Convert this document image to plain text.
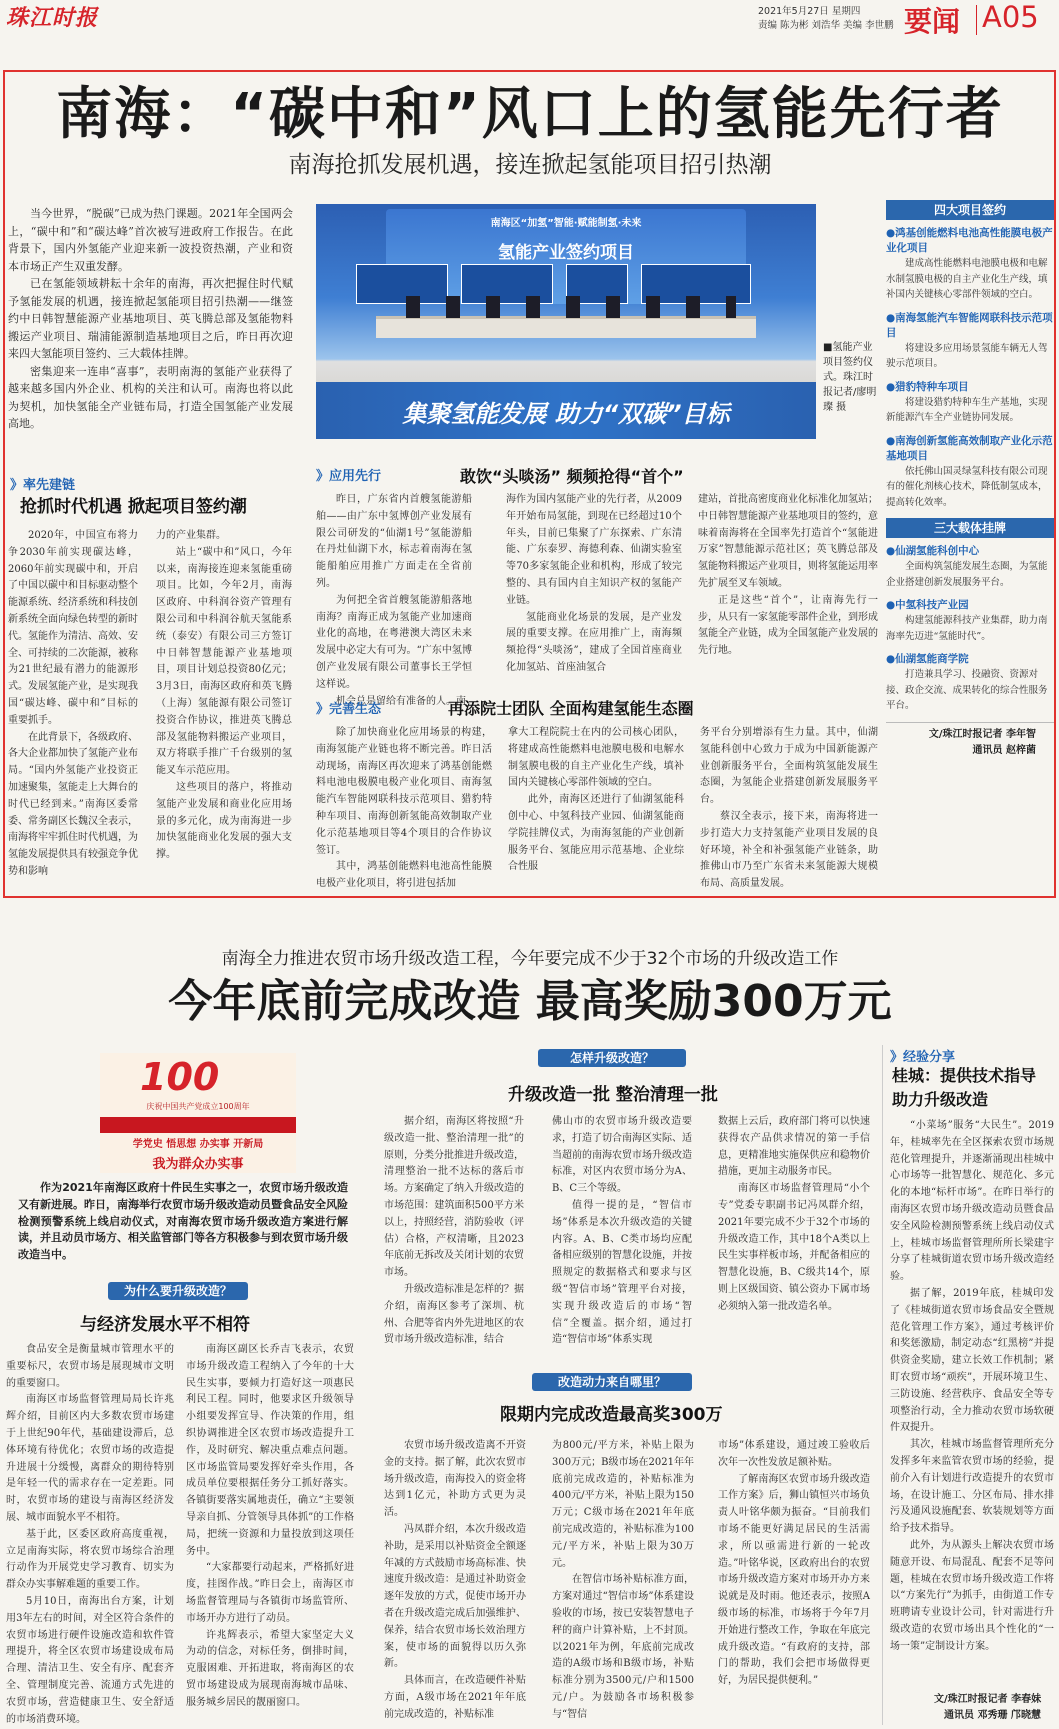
珠江时报	2021年5月27日 星期四
责编 陈为彬 刘浩华 美编 李世鹏 要闻 A05
南海：“碳中和”风口上的氢能先行者
南海抢抓发展机遇，接连掀起氢能项目招引热潮

当今世界，“脱碳”已成为热门课题。2021年全国两会上，“碳中和”和“碳达峰”首次被写进政府工作报告。在此背景下，国内外氢能产业迎来新一波投资热潮，产业和资本市场正产生双重发酵。

已在氢能领域耕耘十余年的南海，再次把握住时代赋予氢能发展的机遇，接连掀起氢能项目招引热潮——继签约中日韩智慧能源产业基地项目、英飞腾总部及氢能物料搬运产业项目、瑞浦能源制造基地项目之后，昨日再次迎来四大氢能项目签约、三大载体挂牌。

密集迎来一连串“喜事”，表明南海的氢能产业获得了越来越多国内外企业、机构的关注和认可。南海也将以此为契机，加快氢能全产业链布局，打造全国氢能产业发展高地。

南海区“加氢”智能·赋能制氢·未来
氢能产业签约项目
集聚氢能发展 助力“双碳”目标
■氢能产业项目签约仪式。珠江时报记者/廖明璨 摄
》率先建链
抢抓时代机遇 掀起项目签约潮

2020年，中国宣布将力争2030年前实现碳达峰，2060年前实现碳中和，开启了中国以碳中和目标驱动整个能源系统、经济系统和科技创新系统全面向绿色转型的新时代。氢能作为清洁、高效、安全、可持续的二次能源，被称为21世纪最有潜力的能源形式。发展氢能产业，是实现我国“碳达峰、碳中和”目标的重要抓手。

在此背景下，各级政府、各大企业都加快了氢能产业布局。“国内外氢能产业投资正加速聚集，氢能走上大舞台的时代已经到来。”南海区委常委、常务副区长魏汉全表示，南海将牢牢抓住时代机遇，为氢能发展提供具有较强竞争优势和影响

力的产业集群。

站上“碳中和”风口，今年以来，南海接连迎来氢能重磅项目。比如，今年2月，南海区政府、中科润谷资产管理有限公司和中科润谷航天氢能系统（泰安）有限公司三方签订中日韩智慧能源产业基地项目，项目计划总投资80亿元；3月3日，南海区政府和英飞腾（上海）氢能源有限公司签订投资合作协议，推进英飞腾总部及氢能物料搬运产业项目，双方将联手推广千台级别的氢能叉车示范应用。

这些项目的落户，将推动氢能产业发展和商业化应用场景的多元化，成为南海进一步加快氢能商业化发展的强大支撑。

》应用先行	敢饮“头啖汤” 频频抢得“首个”

昨日，广东省内首艘氢能游船舶——由广东中氢博创产业发展有限公司研发的“仙湖1号”氢能游船在丹灶仙湖下水，标志着南海在氢能船舶应用推广方面走在全省前列。

为何把全省首艘氢能游船落地南海？南海正成为氢能产业加速商业化的高地，在粤港澳大湾区未来发展中必定大有可为。“广东中氢博创产业发展有限公司董事长王学恒这样说。

机会总是留给有准备的人。南

海作为国内氢能产业的先行者，从2009年开始布局氢能，到现在已经超过10个年头，目前已集聚了广东探索、广东清能、广东泰罗、海德利森、仙湖实验室等70多家氢能企业和机构，形成了较完整的、具有国内自主知识产权的氢能产业链。

氢能商业化场景的发展，是产业发展的重要支撑。在应用推广上，南海频频抢得“头啖汤”，建成了全国首座商业化加氢站、首座油氢合

建站，首批高密度商业化标准化加氢站；中日韩智慧能源产业基地项目的签约，意味着南海将在全国率先打造首个“氢能进万家”智慧能源示范社区；英飞腾总部及氢能物料搬运产业项目，则将氢能运用率先扩展至叉车领域。

正是这些“首个”，让南海先行一步，从只有一家氢能零部件企业，到形成氢能全产业链，成为全国氢能产业发展的先行地。

》完善生态	再添院士团队 全面构建氢能生态圈

除了加快商业化应用场景的构建，南海氢能产业链也将不断完善。昨日活动现场，南海区再次迎来了鸿基创能燃料电池电极膜电极产业化项目、南海氢能汽车智能网联科技示范项目、猎豹特种车项目、南海创新氢能高效制取产业化示范基地项目等4个项目的合作协议签订。

其中，鸿基创能燃料电池高性能膜电极产业化项目，将引进包括加

拿大工程院院士在内的公司核心团队，将建成高性能燃料电池膜电极和电解水制氢膜电极的自主产业化生产线，填补国内关键核心零部件领域的空白。

此外，南海区还进行了仙湖氢能科创中心、中氢科技产业园、仙湖氢能商学院挂牌仪式，为南海氢能的产业创新服务平台、氢能应用示范基地、企业综合性服

务平台分别增添有生力量。其中，仙湖氢能科创中心致力于成为中国新能源产业创新服务平台，全面构筑氢能发展生态圈，为氢能企业搭建创新发展服务平台。

蔡汉全表示，接下来，南海将进一步打造大力支持氢能产业项目发展的良好环境，补全和补强氢能产业链条，助推佛山市乃至广东省未来氢能源大规模布局、高质量发展。

四大项目签约
●鸿基创能燃料电池高性能膜电极产业化项目
建成高性能燃料电池膜电极和电解水制氢膜电极的自主产业化生产线，填补国内关键核心零部件领域的空白。
●南海氢能汽车智能网联科技示范项目
将建设多应用场景氢能车辆无人驾驶示范项目。
●猎豹特种车项目
将建设猎豹特种车生产基地，实现新能源汽车全产业链协同发展。
●南海创新氢能高效制取产业化示范基地项目
依托佛山国灵绿氢科技有限公司现有的催化剂核心技术，降低制氢成本，提高转化效率。
三大载体挂牌
●仙湖氢能科创中心
全面构筑氢能发展生态圈，为氢能企业搭建创新发展服务平台。
●中氢科技产业园
构建氢能源科技产业集群，助力南海率先迈进“氢能时代”。
●仙湖氢能商学院
打造兼具学习、投融资、资源对接、政企交流、成果转化的综合性服务平台。
文/珠江时报记者 李年智
通讯员 赵梓菌
南海全力推进农贸市场升级改造工程，今年要完成不少于32个市场的升级改造工作
今年底前完成改造 最高奖励300万元
100
庆祝中国共产党成立100周年
学党史 悟思想 办实事 开新局
我为群众办实事
作为2021年南海区政府十件民生实事之一，农贸市场升级改造又有新进展。昨日，南海举行农贸市场升级改造动员暨食品安全风险检测预警系统上线启动仪式，对南海农贸市场升级改造方案进行解读，并且动员市场方、相关监管部门等各方积极参与到农贸市场升级改造当中。
为什么要升级改造？
与经济发展水平不相符

食品安全是衡量城市管理水平的重要标尺，农贸市场是展现城市文明的重要窗口。

南海区市场监督管理局局长许兆辉介绍，目前区内大多数农贸市场建于上世纪90年代，基础建设滞后，总体环境有待优化；农贸市场的改造提升进展十分缓慢，离群众的期待特别是年轻一代的需求存在一定差距。同时，农贸市场的建设与南海区经济发展、城市面貌水平不相符。

基于此，区委区政府高度重视，立足南海实际，将农贸市场综合治理行动作为开展党史学习教育、切实为群众办实事解难题的重要工作。

5月10日，南海出台方案，计划用3年左右的时间，对全区符合条件的农贸市场进行硬件设施改造和软件管理提升，将全区农贸市场建设成布局合理、清洁卫生、安全有序、配套齐全、管理制度完善、流通方式先进的农贸市场，营造健康卫生、安全舒适的市场消费环境。

南海区副区长乔吉飞表示，农贸市场升级改造工程纳入了今年的十大民生实事，要倾力打造好这一项惠民利民工程。同时，他要求区升级领导小组要发挥宣导、作决策的作用，组织协调推进全区农贸市场改造提升工作，及时研究、解决重点难点问题。区市场监管局要发挥好牵头作用，各成员单位要根据任务分工抓好落实。各镇街要落实属地责任，确立“主要领导亲自抓、分管领导具体抓”的工作格局，把统一资源和力量投放到这项任务中。

“大家都要行动起来，严格抓好进度，挂图作战。”昨日会上，南海区市场监督管理局与各镇街市场监管所、市场开办方进行了动员。

许兆辉表示，希望大家坚定大义为动的信念，对标任务，倒排时间，克服困难、开拓进取，将南海区的农贸市场建设成为展现南海城市品味、服务城乡居民的靓丽窗口。

怎样升级改造？
升级改造一批 整治清理一批

据介绍，南海区将按照“升级改造一批、整治清理一批”的原则，分类分批推进升级改造，清理整治一批不达标的落后市场。方案确定了纳入升级改造的市场范围：建筑面积500平方米以上，持照经营，消防验收（评估）合格，产权清晰，且2023年底前无拆改及关闭计划的农贸市场。

升级改造标准是怎样的？据介绍，南海区参考了深圳、杭州、合肥等省内外先进地区的农贸市场升级改造标准，结合

佛山市的农贸市场升级改造要求，打造了切合南海区实际、适当超前的南海农贸市场升级改造标准，对区内农贸市场分为A、B、C三个等级。

值得一提的是，“智信市场”体系是本次升级改造的关键内容。A、B、C类市场均应配备相应级别的智慧化设施，并按照规定的数据格式和要求与区级“智信市场”管理平台对接，实现升级改造后的市场“智信”全覆盖。据介绍，通过打造“智信市场”体系实现

数据上云后，政府部门将可以快速获得农产品供求情况的第一手信息，更精准地实施保供应和稳物价措施，更加主动服务市民。

南海区市场监督管理局“小个专”党委专职副书记冯凤群介绍，2021年要完成不少于32个市场的升级改造工作，其中18个A类以上民生实事样板市场，并配备相应的智慧化设施，B、C级共14个，原则上区级国资、镇公资办下属市场必须纳入第一批改造名单。

改造动力来自哪里？
限期内完成改造最高奖300万

农贸市场升级改造离不开资金的支持。据了解，此次农贸市场升级改造，南海投入的资金将达到1亿元，补助方式更为灵活。

冯凤群介绍，本次升级改造补助，是采用以补贴资金全额逐年减的方式鼓励市场高标准、快速度升级改造：是通过补助资金逐年发放的方式，促使市场开办者在升级改造完成后加强维护、保养，结合农贸市场长效治理方案，使市场的面貌得以历久弥新。

具体而言，在改造硬件补贴方面，A级市场在2021年年底前完成改造的，补贴标准

为800元/平方米，补贴上限为300万元；B级市场在2021年年底前完成改造的，补贴标准为400元/平方米，补贴上限为150万元；C级市场在2021年年底前完成改造的，补贴标准为100元/平方米，补贴上限为30万元。

在智信市场补贴标准方面，方案对通过“智信市场”体系建设验收的市场，按已安装智慧电子秤的商户计算补贴，上不封顶。以2021年为例，年底前完成改造的A级市场和B级市场，补贴标准分别为3500元/户和1500元/户。为鼓励各市场积极参与“智信

市场”体系建设，通过竣工验收后次年一次性发放足额补贴。

了解南海区农贸市场升级改造工作方案》后，狮山镇恒兴市场负责人叶铭华颇为振奋。“目前我们市场不能更好满足居民的生活需求，所以亟需进行新的一轮改造。”叶铭华说，区政府出台的农贸市场升级改造方案对市场开办方来说就是及时雨。他还表示，按照A级市场的标准，市场将于今年7月开始进行整改工作，争取在年底完成升级改造。“有政府的支持，部门的帮助，我们会把市场做得更好，为居民提供便利。”

》经验分享
桂城：提供技术指导 助力升级改造

“小菜场”服务“大民生”。2019年，桂城率先在全区探索农贸市场规范化管理提升，并逐渐涌现出桂城中心市场等一批智慧化、规范化、多元化的本地“标杆市场”。在昨日举行的南海区农贸市场升级改造动员暨食品安全风险检测预警系统上线启动仪式上，桂城市场监督管理所所长梁建宇分享了桂城街道农贸市场升级改造经验。

据了解，2019年底，桂城印发了《桂城街道农贸市场食品安全暨规范化管理工作方案》，通过考核评价和奖惩激励，制定动态“红黑榜”并提供资金奖励，建立长效工作机制；紧盯农贸市场“顽疾”，开展环境卫生、三防设施、经营秩序、食品安全等专项整治行动，全力推动农贸市场软硬件双提升。

其次，桂城市场监督管理所充分发挥多年来监管农贸市场的经验，提前介入有计划进行改造提升的农贸市场，在设计施工、分区布局、排水排污及通风设施配套、软装规划等方面给予技术指导。

此外，为从源头上解决农贸市场随意开设、布局混乱、配套不足等问题，桂城在农贸市场升级改造工作将以“方案先行”为抓手，由街道工作专班聘请专业设计公司，针对需进行升级改造的农贸市场出具个性化的“一场一策”定制设计方案。

文/珠江时报记者 李春妹
通讯员 邓秀珊 邝晓慧
